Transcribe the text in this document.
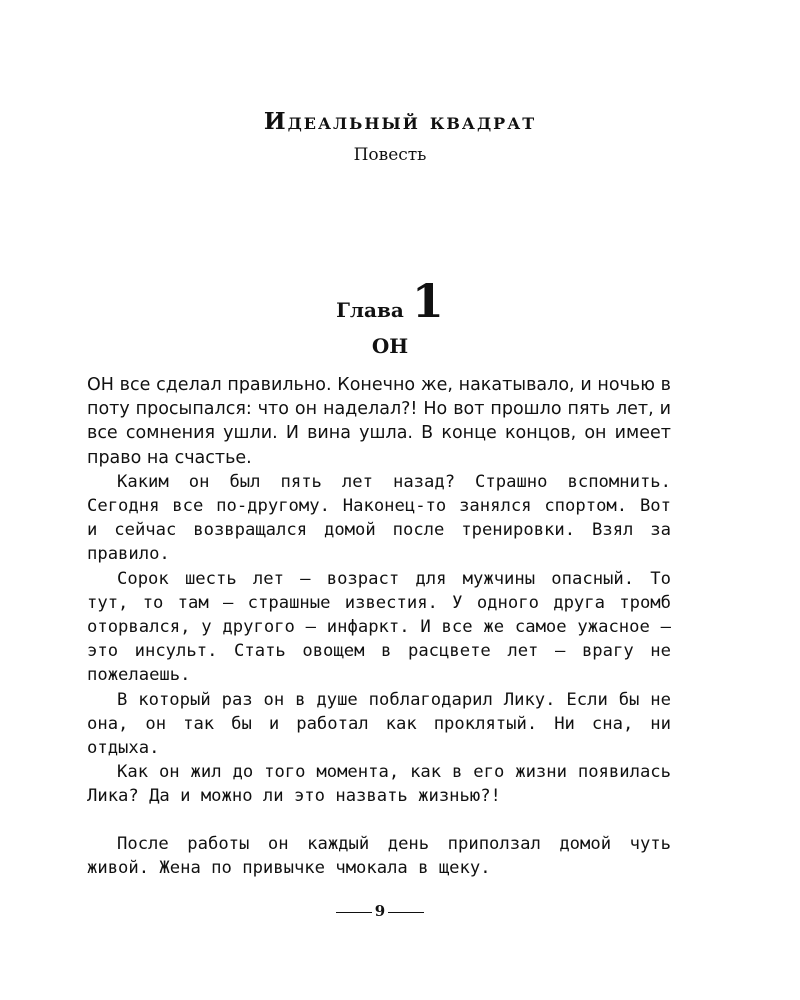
Идеальный квадрат
Повесть
Глава 1
ОН

ОН все сделал правильно. Конечно же, накатывало, и ночью в поту просыпался: что он наделал?! Но вот прошло пять лет, и все сомнения ушли. И вина ушла. В конце концов, он имеет право на счастье.

Каким он был пять лет назад? Страшно вспомнить. Сегодня все по-другому. Наконец-то занялся спортом. Вот и сейчас возвращался домой после тренировки. Взял за правило.

Сорок шесть лет — возраст для мужчины опасный. То тут, то там — страшные известия. У одного друга тромб оторвался, у другого — инфаркт. И все же самое ужасное — это инсульт. Стать овощем в расцвете лет — врагу не пожелаешь.

В который раз он в душе поблагодарил Лику. Если бы не она, он так бы и работал как проклятый. Ни сна, ни отдыха.

Как он жил до того момента, как в его жизни появилась Лика? Да и можно ли это назвать жизнью?!

После работы он каждый день приползал домой чуть живой. Жена по привычке чмокала в щеку.

9
